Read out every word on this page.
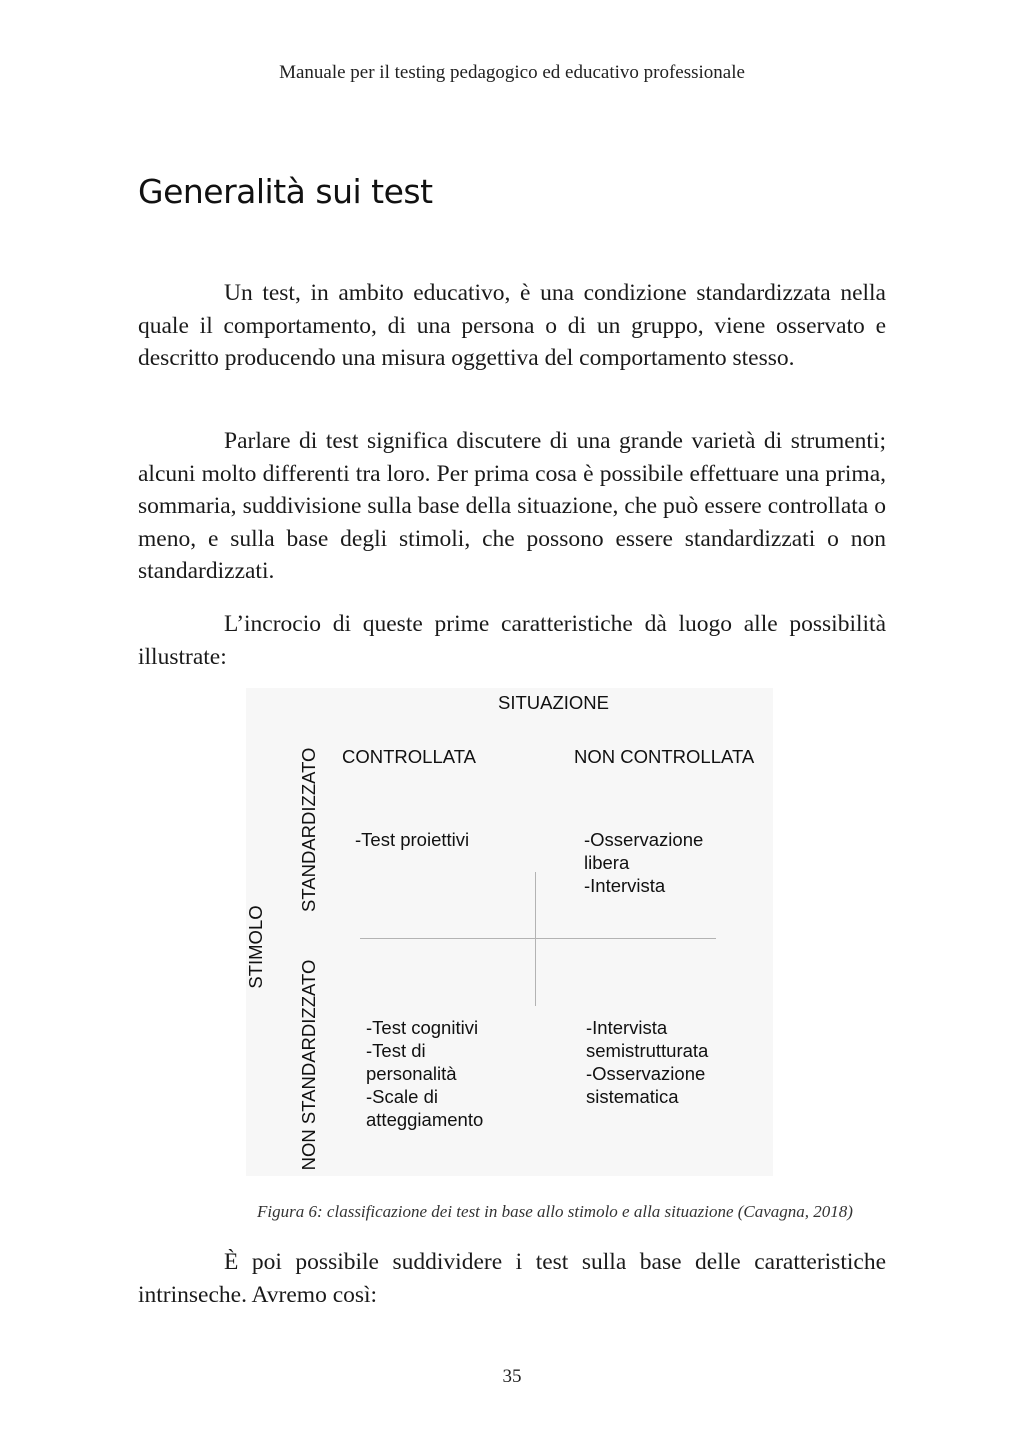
Manuale per il testing pedagogico ed educativo professionale
Generalità sui test

Un test, in ambito educativo, è una condizione standardizzata nella quale il comportamento, di una persona o di un gruppo, viene osservato e descritto producendo una misura oggettiva del comportamento stesso.

Parlare di test significa discutere di una grande varietà di strumenti; alcuni molto differenti tra loro. Per prima cosa è possibile effettuare una prima, sommaria, suddivisione sulla base della situazione, che può essere controllata o meno, e sulla base degli stimoli, che possono essere standardizzati o non standardizzati.

L’incrocio di queste prime caratteristiche dà luogo alle possibilità illustrate:

SITUAZIONE
CONTROLLATA	NON CONTROLLATA
STIMOLO
STANDARDIZZATO
NON STANDARDIZZATO
-Test proiettivi	-Osservazione
libera
-Intervista
-Test cognitivi
-Test di
personalità
-Scale di
atteggiamento
-Intervista
semistrutturata
-Osservazione
sistematica
Figura 6: classificazione dei test in base allo stimolo e alla situazione (Cavagna, 2018)

È poi possibile suddividere i test sulla base delle caratteristiche intrinseche. Avremo così:

35
